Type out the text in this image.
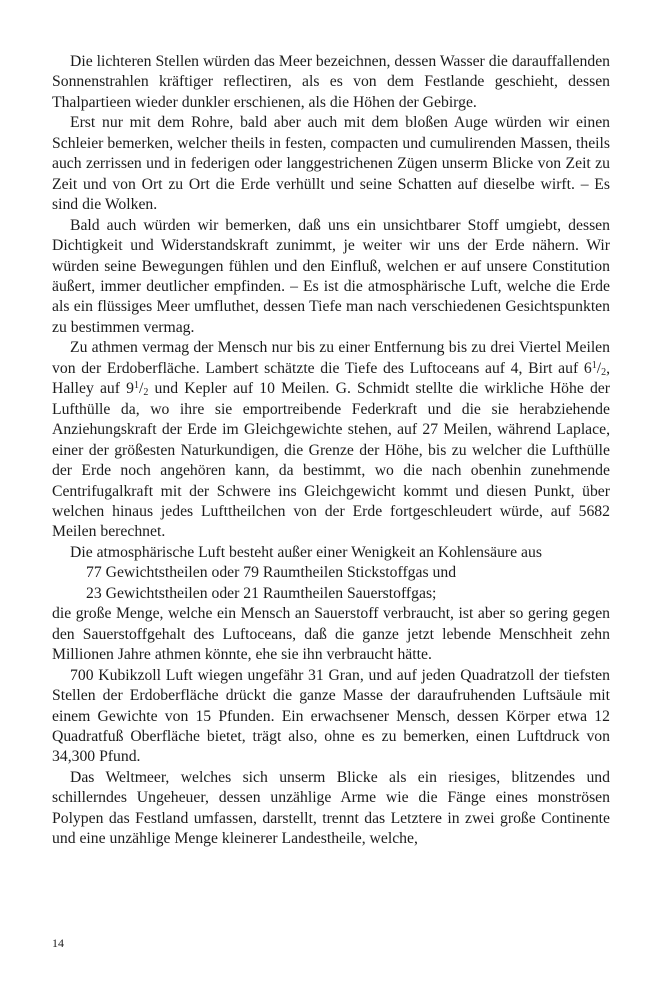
Die lichteren Stellen würden das Meer bezeichnen, dessen Wasser die darauffallenden Sonnenstrahlen kräftiger reflectiren, als es von dem Festlande geschieht, dessen Thalpartieen wieder dunkler erschienen, als die Höhen der Gebirge.

Erst nur mit dem Rohre, bald aber auch mit dem bloßen Auge würden wir einen Schleier bemerken, welcher theils in festen, compacten und cumulirenden Massen, theils auch zerrissen und in federigen oder langgestrichenen Zügen unserm Blicke von Zeit zu Zeit und von Ort zu Ort die Erde verhüllt und seine Schatten auf dieselbe wirft. – Es sind die Wolken.

Bald auch würden wir bemerken, daß uns ein unsichtbarer Stoff umgiebt, dessen Dichtigkeit und Widerstandskraft zunimmt, je weiter wir uns der Erde nähern. Wir würden seine Bewegungen fühlen und den Einfluß, welchen er auf unsere Constitution äußert, immer deutlicher empfinden. – Es ist die atmosphärische Luft, welche die Erde als ein flüssiges Meer umfluthet, dessen Tiefe man nach verschiedenen Gesichtspunkten zu bestimmen vermag.

Zu athmen vermag der Mensch nur bis zu einer Entfernung bis zu drei Viertel Meilen von der Erdoberfläche. Lambert schätzte die Tiefe des Luftoceans auf 4, Birt auf $6^1/_2$, Halley auf $9^1/_2$ und Kepler auf 10 Meilen. G. Schmidt stellte die wirkliche Höhe der Lufthülle da, wo ihre sie emportreibende Federkraft und die sie herabziehende Anziehungskraft der Erde im Gleichgewichte stehen, auf 27 Meilen, während Laplace, einer der größesten Naturkundigen, die Grenze der Höhe, bis zu welcher die Lufthülle der Erde noch angehören kann, da bestimmt, wo die nach obenhin zunehmende Centrifugalkraft mit der Schwere ins Gleichgewicht kommt und diesen Punkt, über welchen hinaus jedes Lufttheilchen von der Erde fortgeschleudert würde, auf 5682 Meilen berechnet.

Die atmosphärische Luft besteht außer einer Wenigkeit an Kohlensäure aus

77 Gewichtstheilen oder 79 Raumtheilen Stickstoffgas und

23 Gewichtstheilen oder 21 Raumtheilen Sauerstoffgas;

die große Menge, welche ein Mensch an Sauerstoff verbraucht, ist aber so gering gegen den Sauerstoffgehalt des Luftoceans, daß die ganze jetzt lebende Menschheit zehn Millionen Jahre athmen könnte, ehe sie ihn verbraucht hätte.

700 Kubikzoll Luft wiegen ungefähr 31 Gran, und auf jeden Quadratzoll der tiefsten Stellen der Erdoberfläche drückt die ganze Masse der daraufruhenden Luftsäule mit einem Gewichte von 15 Pfunden. Ein erwachsener Mensch, dessen Körper etwa 12 Quadratfuß Oberfläche bietet, trägt also, ohne es zu bemerken, einen Luftdruck von 34,300 Pfund.

Das Weltmeer, welches sich unserm Blicke als ein riesiges, blitzendes und schillerndes Ungeheuer, dessen unzählige Arme wie die Fänge eines monströsen Polypen das Festland umfassen, darstellt, trennt das Letztere in zwei große Continente und eine unzählige Menge kleinerer Landestheile, welche,

14
